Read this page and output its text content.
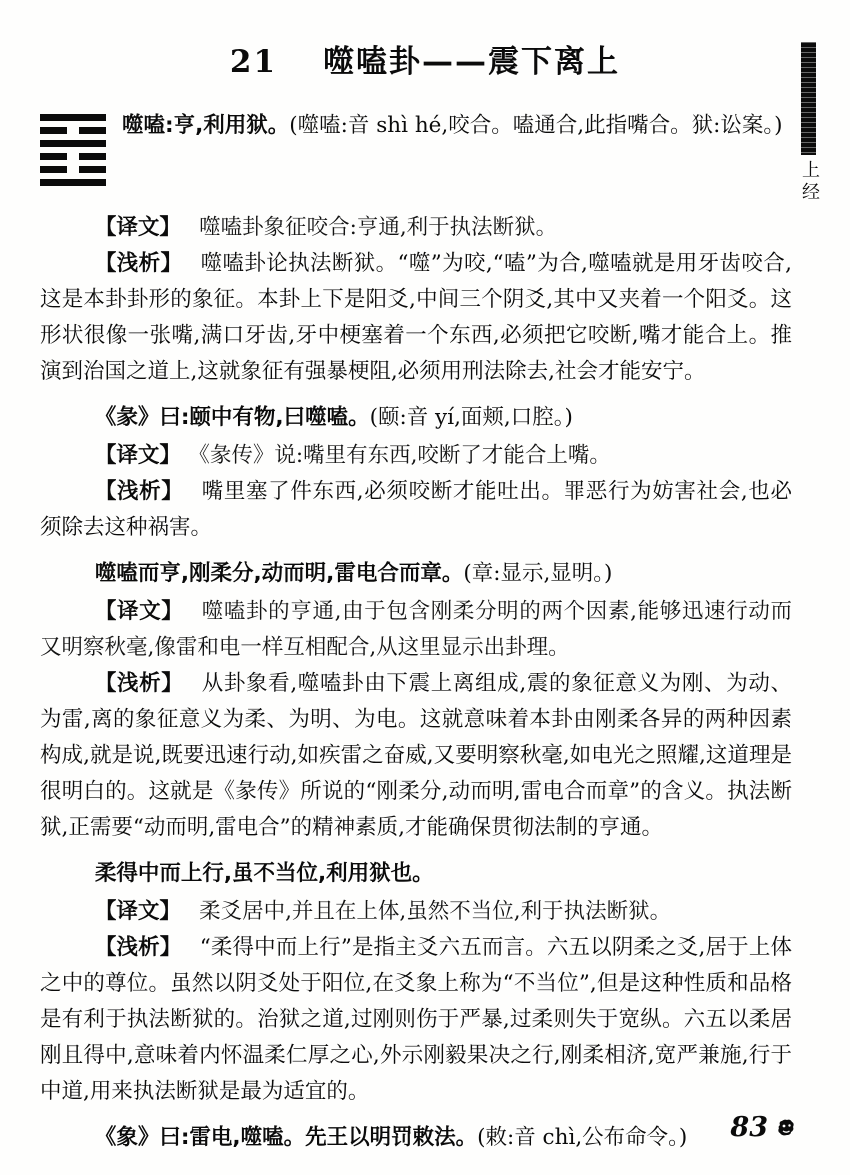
21 噬嗑卦——震下离上
上经

噬嗑:亨,利用狱。(噬嗑:音 shì hé,咬合。嗑通合,此指嘴合。狱:讼案。)

【译文】 噬嗑卦象征咬合:亨通,利于执法断狱。

【浅析】 噬嗑卦论执法断狱。“噬”为咬,“嗑”为合,噬嗑就是用牙齿咬合,这是本卦卦形的象征。本卦上下是阳爻,中间三个阴爻,其中又夹着一个阳爻。这形状很像一张嘴,满口牙齿,牙中梗塞着一个东西,必须把它咬断,嘴才能合上。推演到治国之道上,这就象征有强暴梗阻,必须用刑法除去,社会才能安宁。

《彖》曰:颐中有物,曰噬嗑。(颐:音 yí,面颊,口腔。)

【译文】 《彖传》说:嘴里有东西,咬断了才能合上嘴。

【浅析】 嘴里塞了件东西,必须咬断才能吐出。罪恶行为妨害社会,也必须除去这种祸害。

噬嗑而亨,刚柔分,动而明,雷电合而章。(章:显示,显明。)

【译文】 噬嗑卦的亨通,由于包含刚柔分明的两个因素,能够迅速行动而又明察秋毫,像雷和电一样互相配合,从这里显示出卦理。

【浅析】 从卦象看,噬嗑卦由下震上离组成,震的象征意义为刚、为动、为雷,离的象征意义为柔、为明、为电。这就意味着本卦由刚柔各异的两种因素构成,就是说,既要迅速行动,如疾雷之奋威,又要明察秋毫,如电光之照耀,这道理是很明白的。这就是《彖传》所说的“刚柔分,动而明,雷电合而章”的含义。执法断狱,正需要“动而明,雷电合”的精神素质,才能确保贯彻法制的亨通。

柔得中而上行,虽不当位,利用狱也。

【译文】 柔爻居中,并且在上体,虽然不当位,利于执法断狱。

【浅析】 “柔得中而上行”是指主爻六五而言。六五以阴柔之爻,居于上体之中的尊位。虽然以阴爻处于阳位,在爻象上称为“不当位”,但是这种性质和品格是有利于执法断狱的。治狱之道,过刚则伤于严暴,过柔则失于宽纵。六五以柔居刚且得中,意味着内怀温柔仁厚之心,外示刚毅果决之行,刚柔相济,宽严兼施,行于中道,用来执法断狱是最为适宜的。

《象》曰:雷电,噬嗑。先王以明罚敕法。(敕:音 chì,公布命令。)	83
